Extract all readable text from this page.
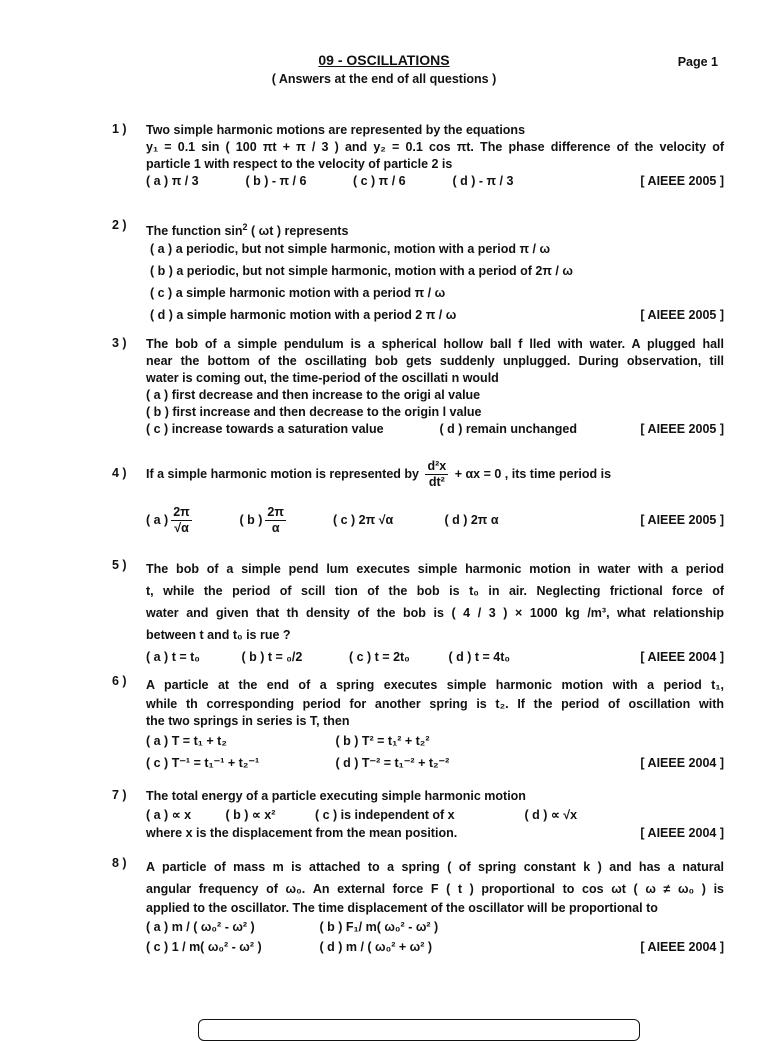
09 - OSCILLATIONS	Page 1
( Answers at the end of all questions )
1 ) Two simple harmonic motions are represented by the equations
y₁ = 0.1 sin ( 100 πt + π / 3 ) and y₂ = 0.1 cos πt. The phase difference of the velocity of
particle 1 with respect to the velocity of particle 2 is
( a ) π / 3	( b ) - π / 6	( c ) π / 6	( d ) - π / 3	[ AIEEE 2005 ]
2 ) The function $\sin^2$ ( ωt ) represents
( a ) a periodic, but not simple harmonic, motion with a period π / ω
( b ) a periodic, but not simple harmonic, motion with a period of 2π / ω
( c ) a simple harmonic motion with a period π / ω
( d ) a simple harmonic motion with a period 2 π / ω	[ AIEEE 2005 ]
3 ) The bob of a simple pendulum is a spherical hollow ball f lled with water. A plugged hall
near the bottom of the oscillating bob gets suddenly unplugged. During observation, till
water is coming out, the time-period of the oscillati n would
( a ) first decrease and then increase to the origi al value
( b ) first increase and then decrease to the origin l value
( c ) increase towards a saturation value	( d ) remain unchanged	[ AIEEE 2005 ]
4 ) If a simple harmonic motion is represented by $\frac{\text{d²x}}{\text{dt²}} + \alpha x = 0$ , its time period is
( a ) $\frac{2\pi}{√\alpha}$	( b ) $\frac{2\pi}{\alpha}$	( c ) 2π √α	( d ) 2π α	[ AIEEE 2005 ]
5 ) The bob of a simple pend lum executes simple harmonic motion in water with a period
t, while the period of scill tion of the bob is t₀ in air. Neglecting frictional force of
water and given that th density of the bob is ( 4 / 3 ) × 1000 kg /m³, what relationship
between t and t₀ is rue ?
( a ) t = t₀	( b ) t = ₀/2	( c ) t = 2t₀	( d ) t = 4t₀	[ AIEEE 2004 ]
6 ) A particle at the end of a spring executes simple harmonic motion with a period t₁,
while th corresponding period for another spring is t₂. If the period of oscillation with
the two springs in series is T, then
( a ) T = t₁ + t₂	( b ) T² = t₁² + t₂²
( c ) T⁻¹ = t₁⁻¹ + t₂⁻¹	( d ) T⁻² = t₁⁻² + t₂⁻²	[ AIEEE 2004 ]
7 ) The total energy of a particle executing simple harmonic motion
( a ) ∝ x	( b ) ∝ x²	( c ) is independent of x	( d ) ∝ √x
where x is the displacement from the mean position.	[ AIEEE 2004 ]
8 ) A particle of mass m is attached to a spring ( of spring constant k ) and has a natural
angular frequency of ω₀. An external force F ( t ) proportional to cos ωt ( ω ≠ ω₀ ) is
applied to the oscillator. The time displacement of the oscillator will be proportional to
( a ) m / ( ω₀² - ω² )	( b ) F₁/ m( ω₀² - ω² )
( c ) 1 / m( ω₀² - ω² )	( d ) m / ( ω₀² + ω² )	[ AIEEE 2004 ]
